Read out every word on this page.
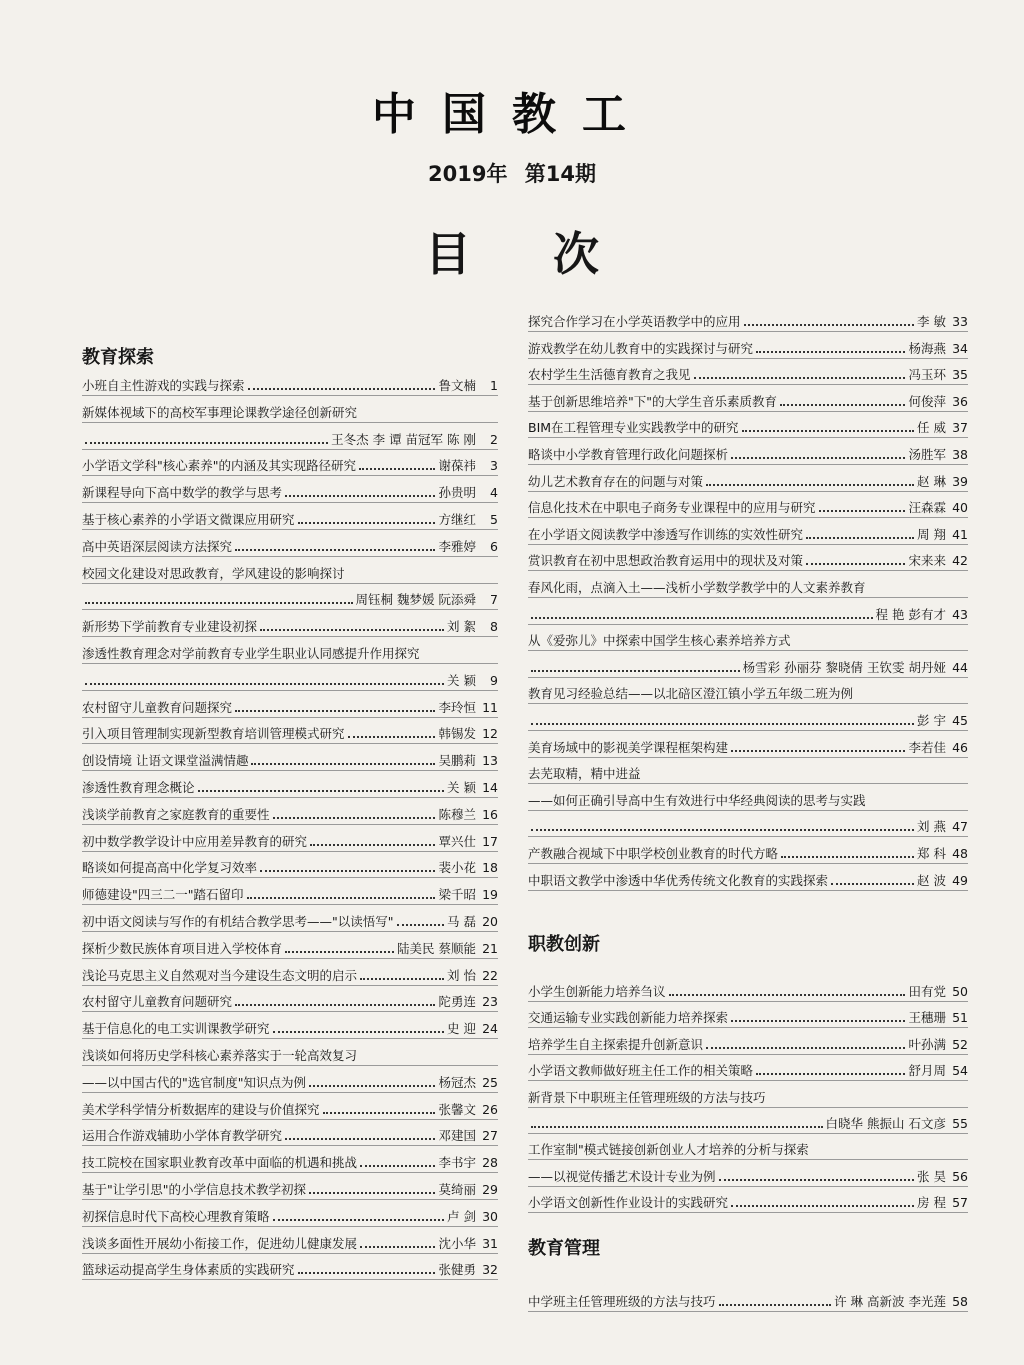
中国教工
2019年 第14期
目次
教育探索
小班自主性游戏的实践与探索	鲁文楠	1
新媒体视域下的高校军事理论课教学途径创新研究
王冬杰 李 谭 苗冠军 陈 刚	2
小学语文学科"核心素养"的内涵及其实现路径研究	谢葆祎	3
新课程导向下高中数学的教学与思考	孙贵明	4
基于核心素养的小学语文微课应用研究	方继红	5
高中英语深层阅读方法探究	李雅婷	6
校园文化建设对思政教育，学风建设的影响探讨
周钰桐 魏梦媛 阮添舜	7
新形势下学前教育专业建设初探	刘 絮	8
渗透性教育理念对学前教育专业学生职业认同感提升作用探究
关 颖	9
农村留守儿童教育问题探究	李玲恒 11
引入项目管理制实现新型教育培训管理模式研究	韩锡发 12
创设情境 让语文课堂溢满情趣	吴鹏莉 13
渗透性教育理念概论	关 颖 14
浅谈学前教育之家庭教育的重要性	陈穆兰 16
初中数学教学设计中应用差异教育的研究	覃兴仕 17
略谈如何提高高中化学复习效率	裴小花 18
师德建设"四三二一"踏石留印	梁千昭 19
初中语文阅读与写作的有机结合教学思考——"以读悟写"	马 磊 20
探析少数民族体育项目进入学校体育	陆美民 蔡顺能 21
浅论马克思主义自然观对当今建设生态文明的启示	刘 怡 22
农村留守儿童教育问题研究	陀勇连 23
基于信息化的电工实训课教学研究	史 迎 24
浅谈如何将历史学科核心素养落实于一轮高效复习
——以中国古代的"选官制度"知识点为例	杨冠杰 25
美术学科学情分析数据库的建设与价值探究	张馨文 26
运用合作游戏辅助小学体育教学研究	邓建国 27
技工院校在国家职业教育改革中面临的机遇和挑战	李书宇 28
基于"让学引思"的小学信息技术教学初探	莫绮丽 29
初探信息时代下高校心理教育策略	卢 剑 30
浅谈多面性开展幼小衔接工作，促进幼儿健康发展	沈小华 31
篮球运动提高学生身体素质的实践研究	张健勇 32
探究合作学习在小学英语教学中的应用	李 敏 33
游戏教学在幼儿教育中的实践探讨与研究	杨海燕 34
农村学生生活德育教育之我见	冯玉环 35
基于创新思维培养"下"的大学生音乐素质教育	何俊萍 36
BIM在工程管理专业实践教学中的研究	任 威 37
略谈中小学教育管理行政化问题探析	汤胜军 38
幼儿艺术教育存在的问题与对策	赵 琳 39
信息化技术在中职电子商务专业课程中的应用与研究	汪森霖 40
在小学语文阅读教学中渗透写作训练的实效性研究	周 翔 41
赏识教育在初中思想政治教育运用中的现状及对策	宋来来 42
春风化雨，点滴入土——浅析小学数学教学中的人文素养教育
程 艳 彭有才 43
从《爱弥儿》中探索中国学生核心素养培养方式
杨雪彩 孙丽芬 黎晓倩 王钦雯 胡丹娅 44
教育见习经验总结——以北碚区澄江镇小学五年级二班为例
彭 宇 45
美育场域中的影视美学课程框架构建	李若佳 46
去芜取精，精中进益
——如何正确引导高中生有效进行中华经典阅读的思考与实践
刘 燕 47
产教融合视域下中职学校创业教育的时代方略	郑 科 48
中职语文教学中渗透中华优秀传统文化教育的实践探索	赵 波 49
职教创新
小学生创新能力培养刍议	田有党 50
交通运输专业实践创新能力培养探索	王穗珊 51
培养学生自主探索提升创新意识	叶孙满 52
小学语文教师做好班主任工作的相关策略	舒月周 54
新背景下中职班主任管理班级的方法与技巧
白晓华 熊振山 石文彦 55
工作室制"模式链接创新创业人才培养的分析与探索
——以视觉传播艺术设计专业为例	张 昊 56
小学语文创新性作业设计的实践研究	房 程 57
教育管理
中学班主任管理班级的方法与技巧	许 琳 高新波 李光莲 58
